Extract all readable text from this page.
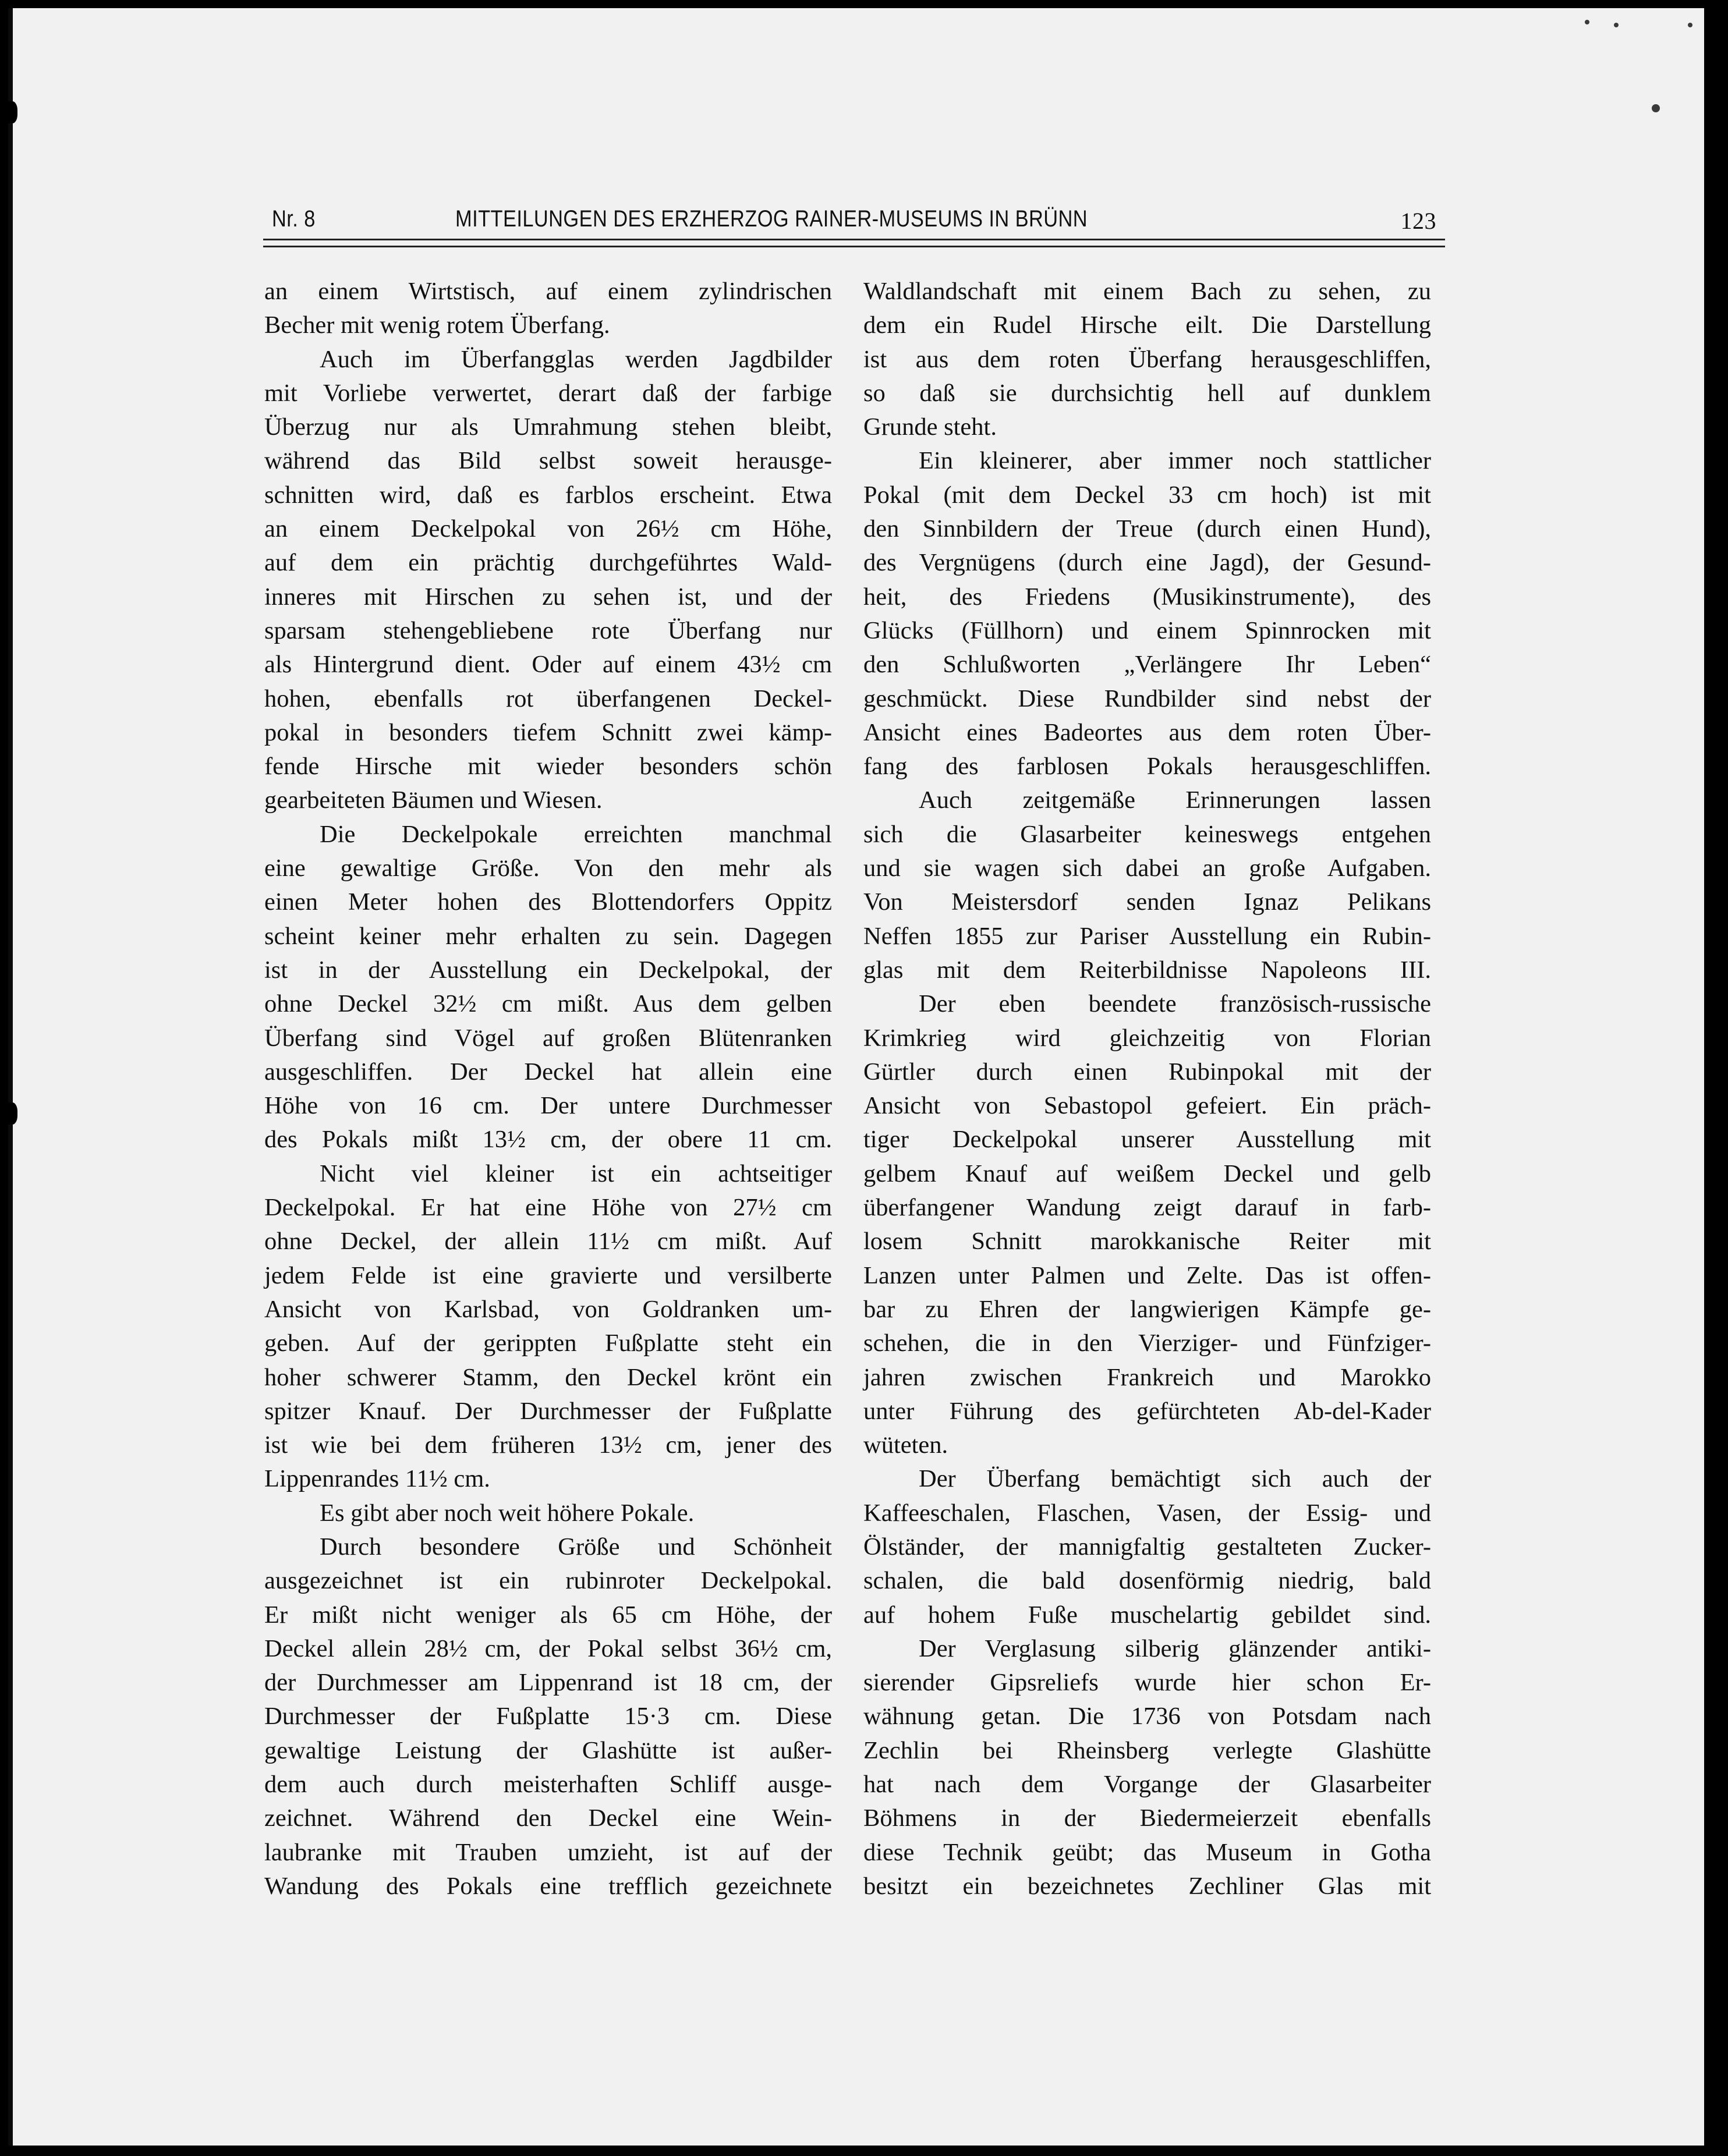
Nr. 8	MITTEILUNGEN DES ERZHERZOG RAINER-MUSEUMS IN BRÜNN	123
an einem Wirtstisch, auf einem zylindrischen
Becher mit wenig rotem Überfang.
Auch im Überfangglas werden Jagdbilder
mit Vorliebe verwertet, derart daß der farbige
Überzug nur als Umrahmung stehen bleibt,
während das Bild selbst soweit herausge-
schnitten wird, daß es farblos erscheint. Etwa
an einem Deckelpokal von 26½ cm Höhe,
auf dem ein prächtig durchgeführtes Wald-
inneres mit Hirschen zu sehen ist, und der
sparsam stehengebliebene rote Überfang nur
als Hintergrund dient. Oder auf einem 43½ cm
hohen, ebenfalls rot überfangenen Deckel-
pokal in besonders tiefem Schnitt zwei kämp-
fende Hirsche mit wieder besonders schön
gearbeiteten Bäumen und Wiesen.
Die Deckelpokale erreichten manchmal
eine gewaltige Größe. Von den mehr als
einen Meter hohen des Blottendorfers Oppitz
scheint keiner mehr erhalten zu sein. Dagegen
ist in der Ausstellung ein Deckelpokal, der
ohne Deckel 32½ cm mißt. Aus dem gelben
Überfang sind Vögel auf großen Blütenranken
ausgeschliffen. Der Deckel hat allein eine
Höhe von 16 cm. Der untere Durchmesser
des Pokals mißt 13½ cm, der obere 11 cm.
Nicht viel kleiner ist ein achtseitiger
Deckelpokal. Er hat eine Höhe von 27½ cm
ohne Deckel, der allein 11½ cm mißt. Auf
jedem Felde ist eine gravierte und versilberte
Ansicht von Karlsbad, von Goldranken um-
geben. Auf der gerippten Fußplatte steht ein
hoher schwerer Stamm, den Deckel krönt ein
spitzer Knauf. Der Durchmesser der Fußplatte
ist wie bei dem früheren 13½ cm, jener des
Lippenrandes 11½ cm.
Es gibt aber noch weit höhere Pokale.
Durch besondere Größe und Schönheit
ausgezeichnet ist ein rubinroter Deckelpokal.
Er mißt nicht weniger als 65 cm Höhe, der
Deckel allein 28½ cm, der Pokal selbst 36½ cm,
der Durchmesser am Lippenrand ist 18 cm, der
Durchmesser der Fußplatte 15·3 cm. Diese
gewaltige Leistung der Glashütte ist außer-
dem auch durch meisterhaften Schliff ausge-
zeichnet. Während den Deckel eine Wein-
laubranke mit Trauben umzieht, ist auf der
Wandung des Pokals eine trefflich gezeichnete
Waldlandschaft mit einem Bach zu sehen, zu
dem ein Rudel Hirsche eilt. Die Darstellung
ist aus dem roten Überfang herausgeschliffen,
so daß sie durchsichtig hell auf dunklem
Grunde steht.
Ein kleinerer, aber immer noch stattlicher
Pokal (mit dem Deckel 33 cm hoch) ist mit
den Sinnbildern der Treue (durch einen Hund),
des Vergnügens (durch eine Jagd), der Gesund-
heit, des Friedens (Musikinstrumente), des
Glücks (Füllhorn) und einem Spinnrocken mit
den Schlußworten „Verlängere Ihr Leben“
geschmückt. Diese Rundbilder sind nebst der
Ansicht eines Badeortes aus dem roten Über-
fang des farblosen Pokals herausgeschliffen.
Auch zeitgemäße Erinnerungen lassen
sich die Glasarbeiter keineswegs entgehen
und sie wagen sich dabei an große Aufgaben.
Von Meistersdorf senden Ignaz Pelikans
Neffen 1855 zur Pariser Ausstellung ein Rubin-
glas mit dem Reiterbildnisse Napoleons III.
Der eben beendete französisch-russische
Krimkrieg wird gleichzeitig von Florian
Gürtler durch einen Rubinpokal mit der
Ansicht von Sebastopol gefeiert. Ein präch-
tiger Deckelpokal unserer Ausstellung mit
gelbem Knauf auf weißem Deckel und gelb
überfangener Wandung zeigt darauf in farb-
losem Schnitt marokkanische Reiter mit
Lanzen unter Palmen und Zelte. Das ist offen-
bar zu Ehren der langwierigen Kämpfe ge-
schehen, die in den Vierziger- und Fünfziger-
jahren zwischen Frankreich und Marokko
unter Führung des gefürchteten Ab-del-Kader
wüteten.
Der Überfang bemächtigt sich auch der
Kaffeeschalen, Flaschen, Vasen, der Essig- und
Ölständer, der mannigfaltig gestalteten Zucker-
schalen, die bald dosenförmig niedrig, bald
auf hohem Fuße muschelartig gebildet sind.
Der Verglasung silberig glänzender antiki-
sierender Gipsreliefs wurde hier schon Er-
wähnung getan. Die 1736 von Potsdam nach
Zechlin bei Rheinsberg verlegte Glashütte
hat nach dem Vorgange der Glasarbeiter
Böhmens in der Biedermeierzeit ebenfalls
diese Technik geübt; das Museum in Gotha
besitzt ein bezeichnetes Zechliner Glas mit
